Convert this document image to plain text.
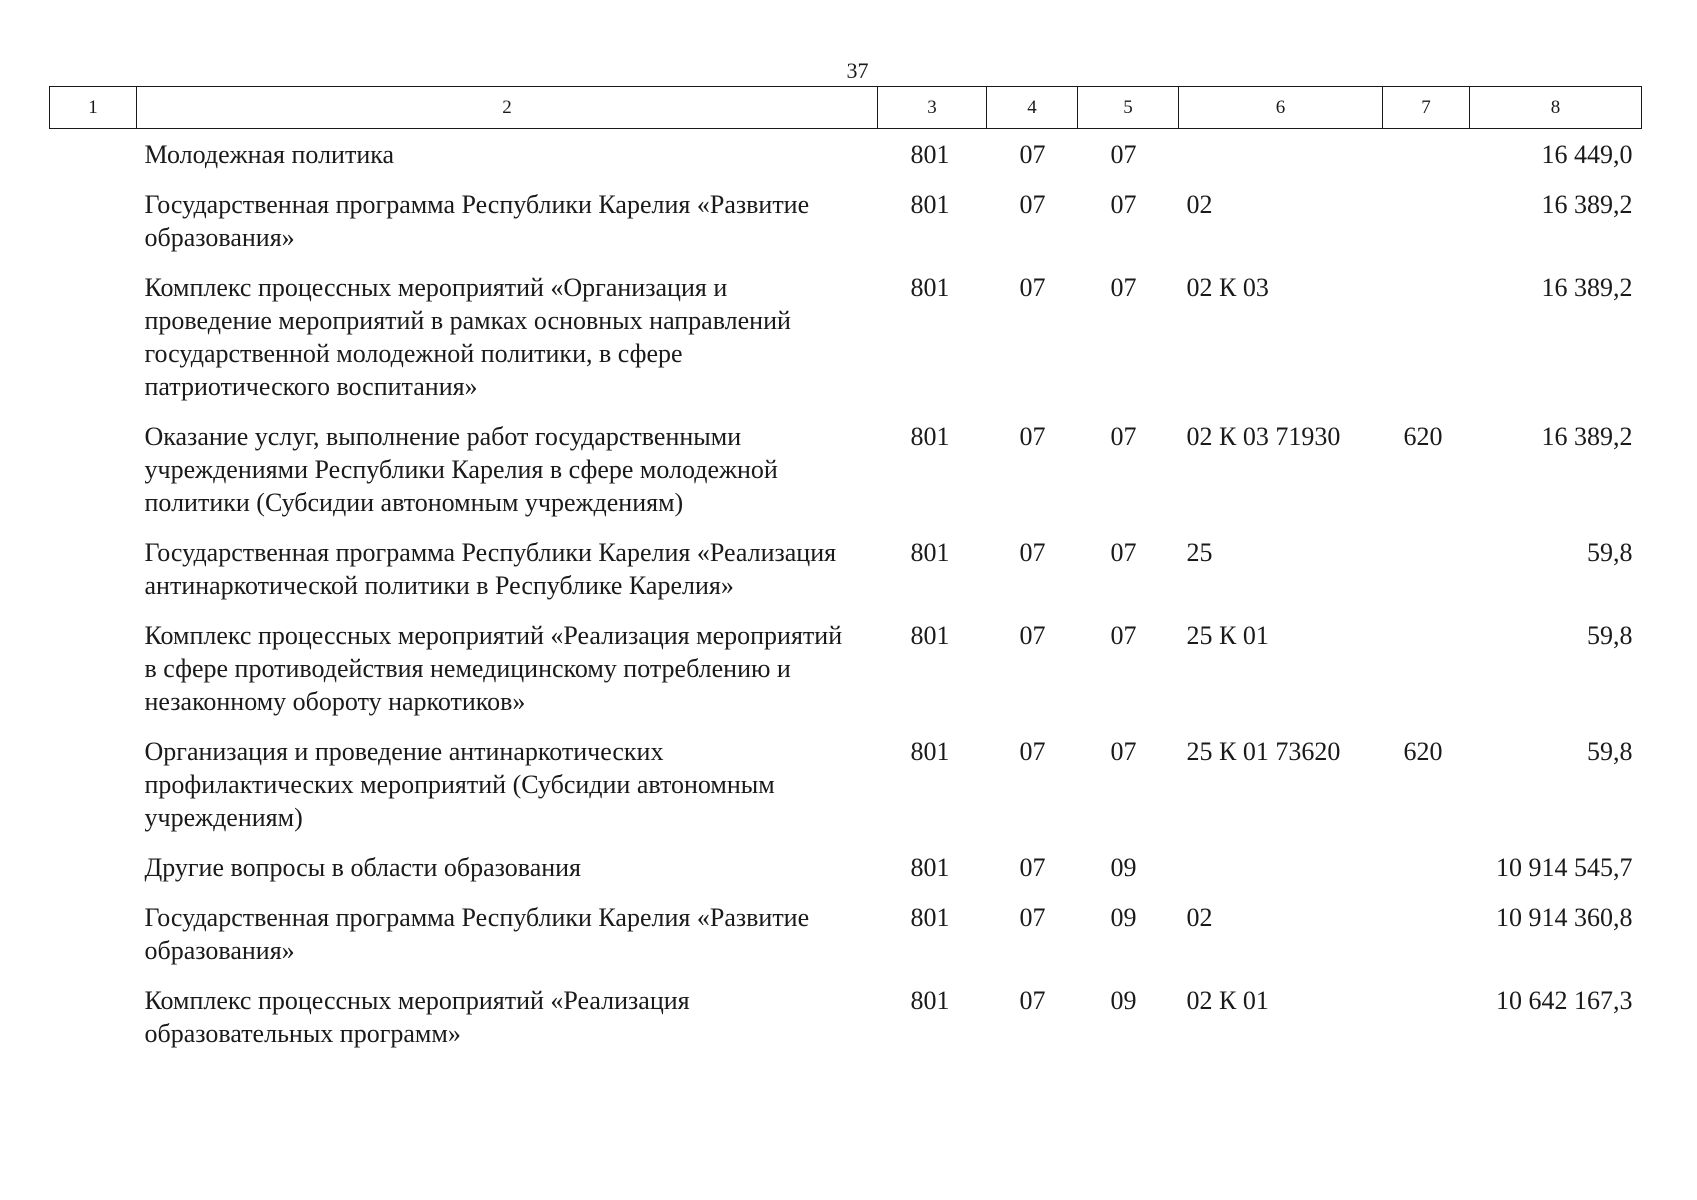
37
1	2	3	4	5	6	7	8
	Молодежная политика	801	07	07			16 449,0
	Государственная программа Республики Карелия «Развитие образования»	801	07	07	02		16 389,2
	Комплекс процессных мероприятий «Организация и проведение мероприятий в рамках основных направлений государственной молодежной политики, в сфере патриотического воспитания»	801	07	07	02 К 03		16 389,2
	Оказание услуг, выполнение работ государственными учреждениями Республики Карелия в сфере молодежной политики (Субсидии автономным учреждениям)	801	07	07	02 К 03 71930	620	16 389,2
	Государственная программа Республики Карелия «Реализация антинаркотической политики в Республике Карелия»	801	07	07	25		59,8
	Комплекс процессных мероприятий «Реализация мероприятий в сфере противодействия немедицинскому потреблению и незаконному обороту наркотиков»	801	07	07	25 К 01		59,8
	Организация и проведение антинаркотических профилактических мероприятий (Субсидии автономным учреждениям)	801	07	07	25 К 01 73620	620	59,8
	Другие вопросы в области образования	801	07	09			10 914 545,7
	Государственная программа Республики Карелия «Развитие образования»	801	07	09	02		10 914 360,8
	Комплекс процессных мероприятий «Реализация образовательных программ»	801	07	09	02 К 01		10 642 167,3
